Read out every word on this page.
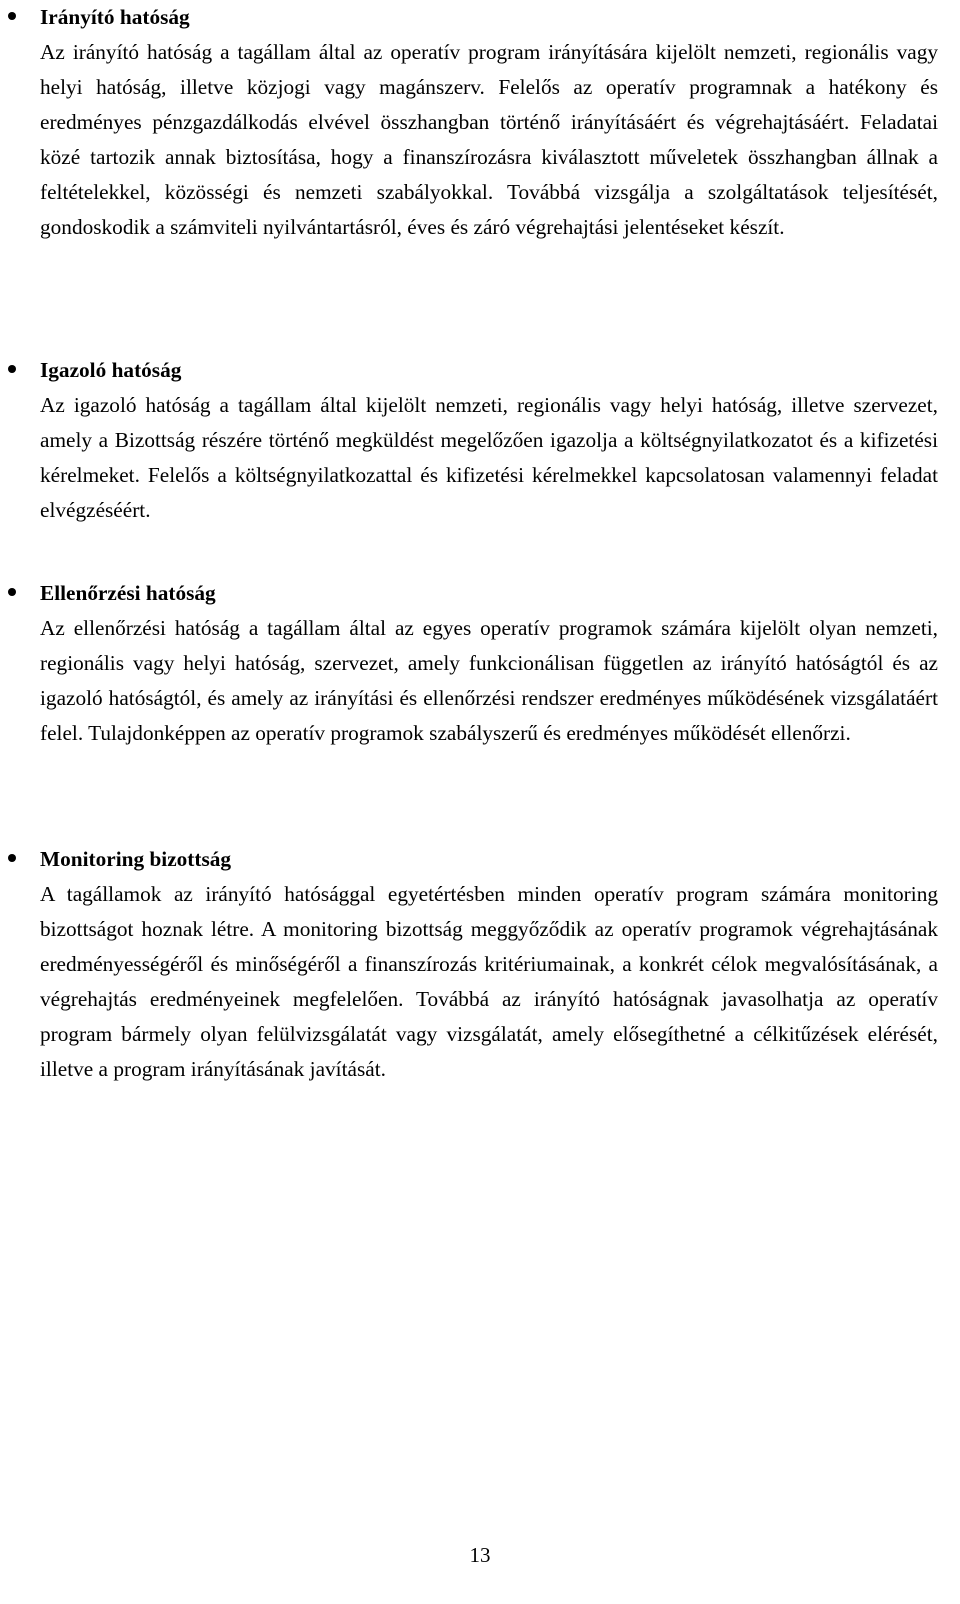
Irányító hatóság

Az irányító hatóság a tagállam által az operatív program irányítására kijelölt nemzeti, regionális vagy helyi hatóság, illetve közjogi vagy magánszerv. Felelős az operatív programnak a hatékony és eredményes pénzgazdálkodás elvével összhangban történő irányításáért és végrehajtásáért. Feladatai közé tartozik annak biztosítása, hogy a finanszírozásra kiválasztott műveletek összhangban állnak a feltételekkel, közösségi és nemzeti szabályokkal. Továbbá vizsgálja a szolgáltatások teljesítését, gondoskodik a számviteli nyilvántartásról, éves és záró végrehajtási jelentéseket készít.

Igazoló hatóság

Az igazoló hatóság a tagállam által kijelölt nemzeti, regionális vagy helyi hatóság, illetve szervezet, amely a Bizottság részére történő megküldést megelőzően igazolja a költségnyilatkozatot és a kifizetési kérelmeket. Felelős a költségnyilatkozattal és kifizetési kérelmekkel kapcsolatosan valamennyi feladat elvégzéséért.

Ellenőrzési hatóság

Az ellenőrzési hatóság a tagállam által az egyes operatív programok számára kijelölt olyan nemzeti, regionális vagy helyi hatóság, szervezet, amely funkcionálisan független az irányító hatóságtól és az igazoló hatóságtól, és amely az irányítási és ellenőrzési rendszer eredményes működésének vizsgálatáért felel. Tulajdonképpen az operatív programok szabályszerű és eredményes működését ellenőrzi.

Monitoring bizottság

A tagállamok az irányító hatósággal egyetértésben minden operatív program számára monitoring bizottságot hoznak létre. A monitoring bizottság meggyőződik az operatív programok végrehajtásának eredményességéről és minőségéről a finanszírozás kritériumainak, a konkrét célok megvalósításának, a végrehajtás eredményeinek megfelelően. Továbbá az irányító hatóságnak javasolhatja az operatív program bármely olyan felülvizsgálatát vagy vizsgálatát, amely elősegíthetné a célkitűzések elérését, illetve a program irányításának javítását.

13
